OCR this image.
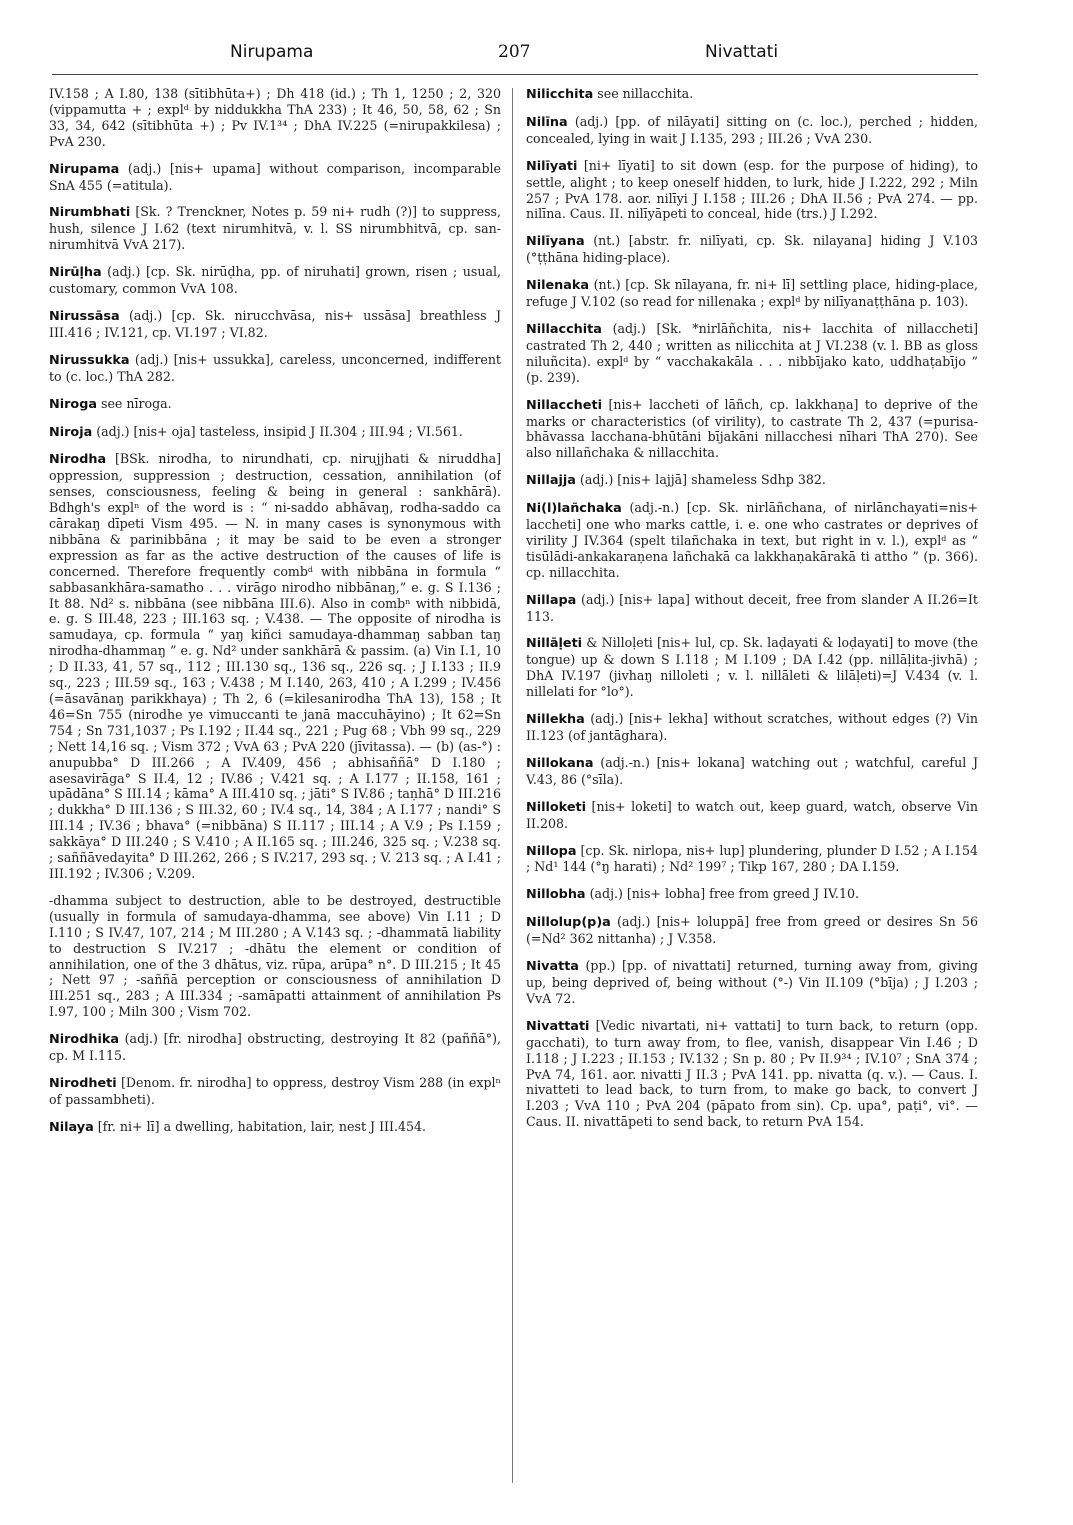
Nirupama	207	Nivattati

IV.158 ; A I.80, 138 (sītibhūta+) ; Dh 418 (id.) ; Th 1, 1250 ; 2, 320 (vippamutta + ; explᵈ by niddukkha ThA 233) ; It 46, 50, 58, 62 ; Sn 33, 34, 642 (sītibhūta +) ; Pv IV.1³⁴ ; DhA IV.225 (=nirupakkilesa) ; PvA 230.

Nirupama (adj.) [nis+ upama] without comparison, incomparable SnA 455 (=atitula).

Nirumbhati [Sk. ? Trenckner, Notes p. 59 ni+ rudh (?)] to suppress, hush, silence J I.62 (text nirumhitvā, v. l. SS nirumbhitvā, cp. san-nirumhitvā VvA 217).

Nirūḷha (adj.) [cp. Sk. nirūḍha, pp. of niruhati] grown, risen ; usual, customary, common VvA 108.

Nirussāsa (adj.) [cp. Sk. nirucchvāsa, nis+ ussāsa] breathless J III.416 ; IV.121, cp. VI.197 ; VI.82.

Nirussukka (adj.) [nis+ ussukka], careless, unconcerned, indifferent to (c. loc.) ThA 282.

Niroga see nīroga.

Niroja (adj.) [nis+ oja] tasteless, insipid J II.304 ; III.94 ; VI.561.

Nirodha [BSk. nirodha, to nirundhati, cp. nirujjhati & niruddha] oppression, suppression ; destruction, cessation, annihilation (of senses, consciousness, feeling & being in general : sankhārā). Bdhgh's explⁿ of the word is : “ ni-saddo abhāvaŋ, rodha-saddo ca cārakaŋ dīpeti Vism 495. — N. in many cases is synonymous with nibbāna & parinibbāna ; it may be said to be even a stronger expression as far as the active destruction of the causes of life is concerned. Therefore frequently combᵈ with nibbāna in formula “ sabbasankhāra-samatho . . . virāgo nirodho nibbānaŋ,” e. g. S I.136 ; It 88. Nd² s. nibbāna (see nibbāna III.6). Also in combⁿ with nibbidā, e. g. S III.48, 223 ; III.163 sq. ; V.438. — The opposite of nirodha is samudaya, cp. formula “ yaŋ kiñci samudaya-dhammaŋ sabban taŋ nirodha-dhammaŋ ” e. g. Nd² under sankhārā & passim. (a) Vin I.1, 10 ; D II.33, 41, 57 sq., 112 ; III.130 sq., 136 sq., 226 sq. ; J I.133 ; II.9 sq., 223 ; III.59 sq., 163 ; V.438 ; M I.140, 263, 410 ; A I.299 ; IV.456 (=āsavānaŋ parikkhaya) ; Th 2, 6 (=kilesanirodha ThA 13), 158 ; It 46=Sn 755 (nirodhe ye vimuccanti te janā maccuhāyino) ; It 62=Sn 754 ; Sn 731,1037 ; Ps I.192 ; II.44 sq., 221 ; Pug 68 ; Vbh 99 sq., 229 ; Nett 14,16 sq. ; Vism 372 ; VvA 63 ; PvA 220 (jīvitassa). — (b) (as-°) : anupubba° D III.266 ; A IV.409, 456 ; abhisaññā° D I.180 ; asesavirāga° S II.4, 12 ; IV.86 ; V.421 sq. ; A I.177 ; II.158, 161 ; upādāna° S III.14 ; kāma° A III.410 sq. ; jāti° S IV.86 ; taṇhā° D III.216 ; dukkha° D III.136 ; S III.32, 60 ; IV.4 sq., 14, 384 ; A I.177 ; nandi° S III.14 ; IV.36 ; bhava° (=nibbāna) S II.117 ; III.14 ; A V.9 ; Ps I.159 ; sakkāya° D III.240 ; S V.410 ; A II.165 sq. ; III.246, 325 sq. ; V.238 sq. ; saññāvedayita° D III.262, 266 ; S IV.217, 293 sq. ; V. 213 sq. ; A I.41 ; III.192 ; IV.306 ; V.209.

-dhamma subject to destruction, able to be destroyed, destructible (usually in formula of samudaya-dhamma, see above) Vin I.11 ; D I.110 ; S IV.47, 107, 214 ; M III.280 ; A V.143 sq. ; -dhammatā liability to destruction S IV.217 ; -dhātu the element or condition of annihilation, one of the 3 dhātus, viz. rūpa, arūpa° n°. D III.215 ; It 45 ; Nett 97 ; -saññā perception or consciousness of annihilation D III.251 sq., 283 ; A III.334 ; -samāpatti attainment of annihilation Ps I.97, 100 ; Miln 300 ; Vism 702.

Nirodhika (adj.) [fr. nirodha] obstructing, destroying It 82 (paññā°), cp. M I.115.

Nirodheti [Denom. fr. nirodha] to oppress, destroy Vism 288 (in explⁿ of passambheti).

Nilaya [fr. ni+ lī] a dwelling, habitation, lair, nest J III.454.

Nilicchita see nillacchita.

Nilīna (adj.) [pp. of nilāyati] sitting on (c. loc.), perched ; hidden, concealed, lying in wait J I.135, 293 ; III.26 ; VvA 230.

Nilīyati [ni+ līyati] to sit down (esp. for the purpose of hiding), to settle, alight ; to keep oneself hidden, to lurk, hide J I.222, 292 ; Miln 257 ; PvA 178. aor. nilīyi J I.158 ; III.26 ; DhA II.56 ; PvA 274. — pp. nilīna. Caus. II. nilīyāpeti to conceal, hide (trs.) J I.292.

Nilīyana (nt.) [abstr. fr. nilīyati, cp. Sk. nilayana] hiding J V.103 (°ṭṭhāna hiding-place).

Nilenaka (nt.) [cp. Sk nīlayana, fr. ni+ lī] settling place, hiding-place, refuge J V.102 (so read for nillenaka ; explᵈ by nilīyanaṭṭhāna p. 103).

Nillacchita (adj.) [Sk. *nirlāñchita, nis+ lacchita of nillaccheti] castrated Th 2, 440 ; written as nilicchita at J VI.238 (v. l. BB as gloss niluñcita). explᵈ by “ vacchakakāla . . . nibbījako kato, uddhaṭabījo ” (p. 239).

Nillaccheti [nis+ laccheti of lāñch, cp. lakkhaṇa] to deprive of the marks or characteristics (of virility), to castrate Th 2, 437 (=purisa-bhāvassa lacchana-bhūtāni bījakāni nillacchesi nīhari ThA 270). See also nillañchaka & nillacchita.

Nillajja (adj.) [nis+ lajjā] shameless Sdhp 382.

Ni(l)lañchaka (adj.-n.) [cp. Sk. nirlāñchana, of nirlānchayati=nis+ laccheti] one who marks cattle, i. e. one who castrates or deprives of virility J IV.364 (spelt tilañchaka in text, but right in v. l.), explᵈ as “ tisūlādi-ankakaraṇena lañchakā ca lakkhaṇakārakā ti attho ” (p. 366). cp. nillacchita.

Nillapa (adj.) [nis+ lapa] without deceit, free from slander A II.26=It 113.

Nillāḷeti & Nilloḷeti [nis+ lul, cp. Sk. laḍayati & loḍayati] to move (the tongue) up & down S I.118 ; M I.109 ; DA I.42 (pp. nillāḷita-jivhā) ; DhA IV.197 (jivhaŋ nilloleti ; v. l. nillāleti & lilāḷeti)=J V.434 (v. l. nillelati for °lo°).

Nillekha (adj.) [nis+ lekha] without scratches, without edges (?) Vin II.123 (of jantāghara).

Nillokana (adj.-n.) [nis+ lokana] watching out ; watchful, careful J V.43, 86 (°sīla).

Nilloketi [nis+ loketi] to watch out, keep guard, watch, observe Vin II.208.

Nillopa [cp. Sk. nirlopa, nis+ lup] plundering, plunder D I.52 ; A I.154 ; Nd¹ 144 (°ŋ harati) ; Nd² 199⁷ ; Tikp 167, 280 ; DA I.159.

Nillobha (adj.) [nis+ lobha] free from greed J IV.10.

Nillolup(p)a (adj.) [nis+ loluppā] free from greed or desires Sn 56 (=Nd² 362 nittanha) ; J V.358.

Nivatta (pp.) [pp. of nivattati] returned, turning away from, giving up, being deprived of, being without (°-) Vin II.109 (°bīja) ; J I.203 ; VvA 72.

Nivattati [Vedic nivartati, ni+ vattati] to turn back, to return (opp. gacchati), to turn away from, to flee, vanish, disappear Vin I.46 ; D I.118 ; J I.223 ; II.153 ; IV.132 ; Sn p. 80 ; Pv II.9³⁴ ; IV.10⁷ ; SnA 374 ; PvA 74, 161. aor. nivatti J II.3 ; PvA 141. pp. nivatta (q. v.). — Caus. I. nivatteti to lead back, to turn from, to make go back, to convert J I.203 ; VvA 110 ; PvA 204 (pāpato from sin). Cp. upa°, paṭi°, vi°. — Caus. II. nivattāpeti to send back, to return PvA 154.
